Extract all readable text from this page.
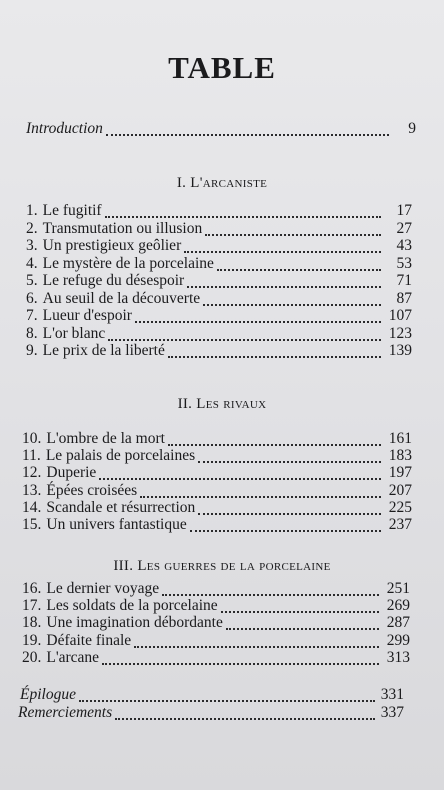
TABLE
Introduction	9
I. L'arcaniste
1. Le fugitif	17
2. Transmutation ou illusion	27
3. Un prestigieux geôlier	43
4. Le mystère de la porcelaine	53
5. Le refuge du désespoir	71
6. Au seuil de la découverte	87
7. Lueur d'espoir	107
8. L'or blanc	123
9. Le prix de la liberté	139
II. Les rivaux
10. L'ombre de la mort	161
11. Le palais de porcelaines	183
12. Duperie	197
13. Épées croisées	207
14. Scandale et résurrection	225
15. Un univers fantastique	237
III. Les guerres de la porcelaine
16. Le dernier voyage	251
17. Les soldats de la porcelaine	269
18. Une imagination débordante	287
19. Défaite finale	299
20. L'arcane	313
Épilogue	331
Remerciements	337
